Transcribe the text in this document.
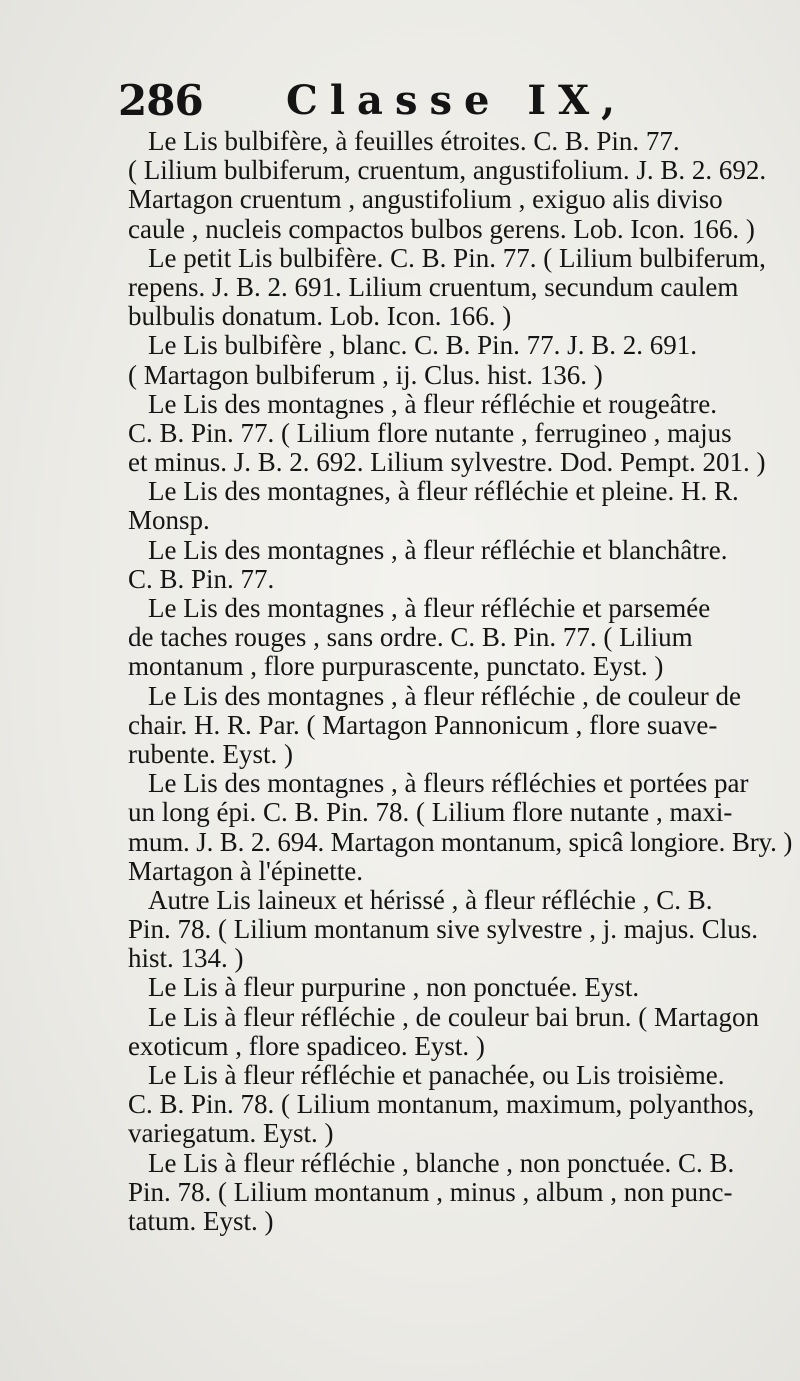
286 Classe IX,
Le Lis bulbifère, à feuilles étroites. C. B. Pin. 77.
( Lilium bulbiferum, cruentum, angustifolium. J. B. 2. 692.
Martagon cruentum , angustifolium , exiguo alis diviso
caule , nucleis compactos bulbos gerens. Lob. Icon. 166. )
Le petit Lis bulbifère. C. B. Pin. 77. ( Lilium bulbiferum,
repens. J. B. 2. 691. Lilium cruentum, secundum caulem
bulbulis donatum. Lob. Icon. 166. )
Le Lis bulbifère , blanc. C. B. Pin. 77. J. B. 2. 691.
( Martagon bulbiferum , ij. Clus. hist. 136. )
Le Lis des montagnes , à fleur réfléchie et rougeâtre.
C. B. Pin. 77. ( Lilium flore nutante , ferrugineo , majus
et minus. J. B. 2. 692. Lilium sylvestre. Dod. Pempt. 201. )
Le Lis des montagnes, à fleur réfléchie et pleine. H. R.
Monsp.
Le Lis des montagnes , à fleur réfléchie et blanchâtre.
C. B. Pin. 77.
Le Lis des montagnes , à fleur réfléchie et parsemée
de taches rouges , sans ordre. C. B. Pin. 77. ( Lilium
montanum , flore purpurascente, punctato. Eyst. )
Le Lis des montagnes , à fleur réfléchie , de couleur de
chair. H. R. Par. ( Martagon Pannonicum , flore suave-
rubente. Eyst. )
Le Lis des montagnes , à fleurs réfléchies et portées par
un long épi. C. B. Pin. 78. ( Lilium flore nutante , maxi-
mum. J. B. 2. 694. Martagon montanum, spicâ longiore. Bry. )
Martagon à l'épinette.
Autre Lis laineux et hérissé , à fleur réfléchie , C. B.
Pin. 78. ( Lilium montanum sive sylvestre , j. majus. Clus.
hist. 134. )
Le Lis à fleur purpurine , non ponctuée. Eyst.
Le Lis à fleur réfléchie , de couleur bai brun. ( Martagon
exoticum , flore spadiceo. Eyst. )
Le Lis à fleur réfléchie et panachée, ou Lis troisième.
C. B. Pin. 78. ( Lilium montanum, maximum, polyanthos,
variegatum. Eyst. )
Le Lis à fleur réfléchie , blanche , non ponctuée. C. B.
Pin. 78. ( Lilium montanum , minus , album , non punc-
tatum. Eyst. )
